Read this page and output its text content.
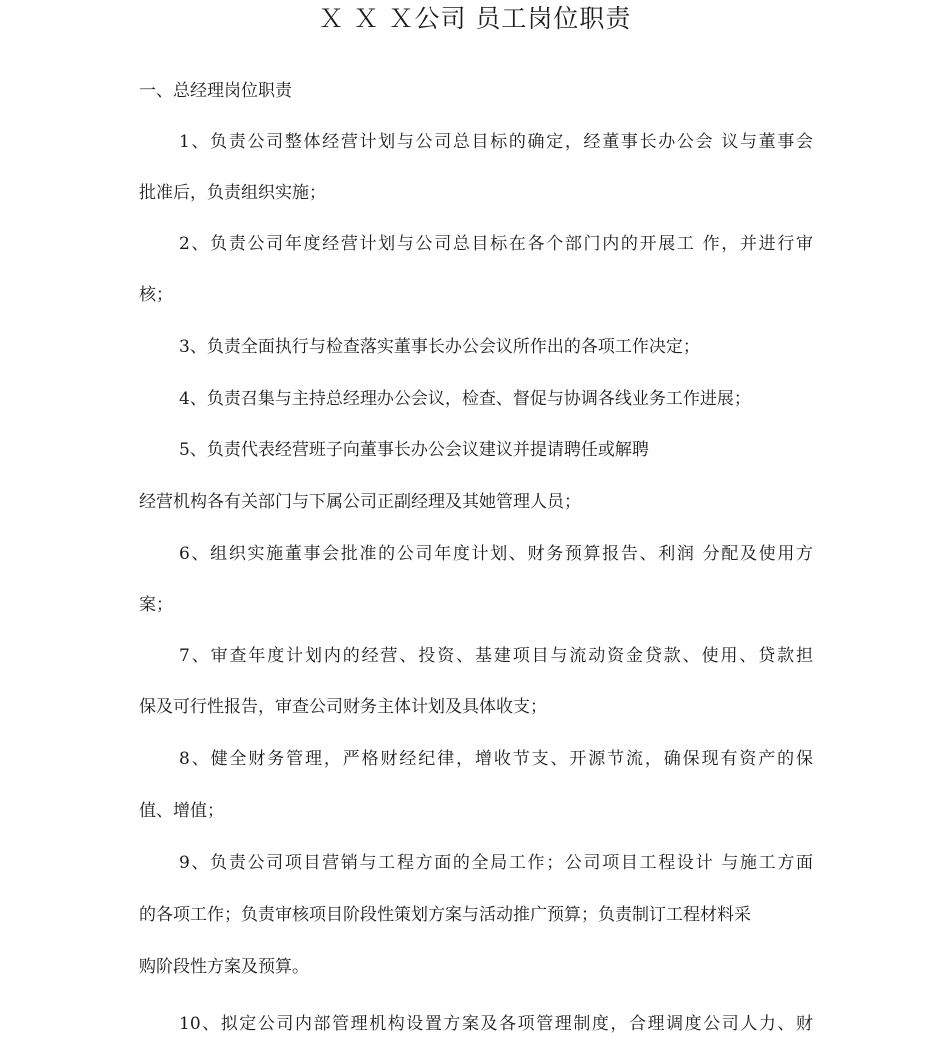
Ｘ Ｘ Ｘ公司 员工岗位职责
一、总经理岗位职责
1、负责公司整体经营计划与公司总目标的确定，经董事长办公会 议与董事会
批准后，负责组织实施；
2、负责公司年度经营计划与公司总目标在各个部门内的开展工 作，并进行审
核；
3、负责全面执行与检查落实董事长办公会议所作出的各项工作决定；
4、负责召集与主持总经理办公会议，检查、督促与协调各线业务工作进展；
5、负责代表经营班子向董事长办公会议建议并提请聘任或解聘
经营机构各有关部门与下属公司正副经理及其她管理人员；
6、组织实施董事会批准的公司年度计划、财务预算报告、利润 分配及使用方
案；
7、审查年度计划内的经营、投资、基建项目与流动资金贷款、使用、贷款担
保及可行性报告，审查公司财务主体计划及具体收支；
8、健全财务管理，严格财经纪律，增收节支、开源节流，确保现有资产的保
值、增值；
9、负责公司项目营销与工程方面的全局工作；公司项目工程设计 与施工方面
的各项工作；负责审核项目阶段性策划方案与活动推广预算；负责制订工程材料采
购阶段性方案及预算。
10、拟定公司内部管理机构设置方案及各项管理制度，合理调度公司人力、财
